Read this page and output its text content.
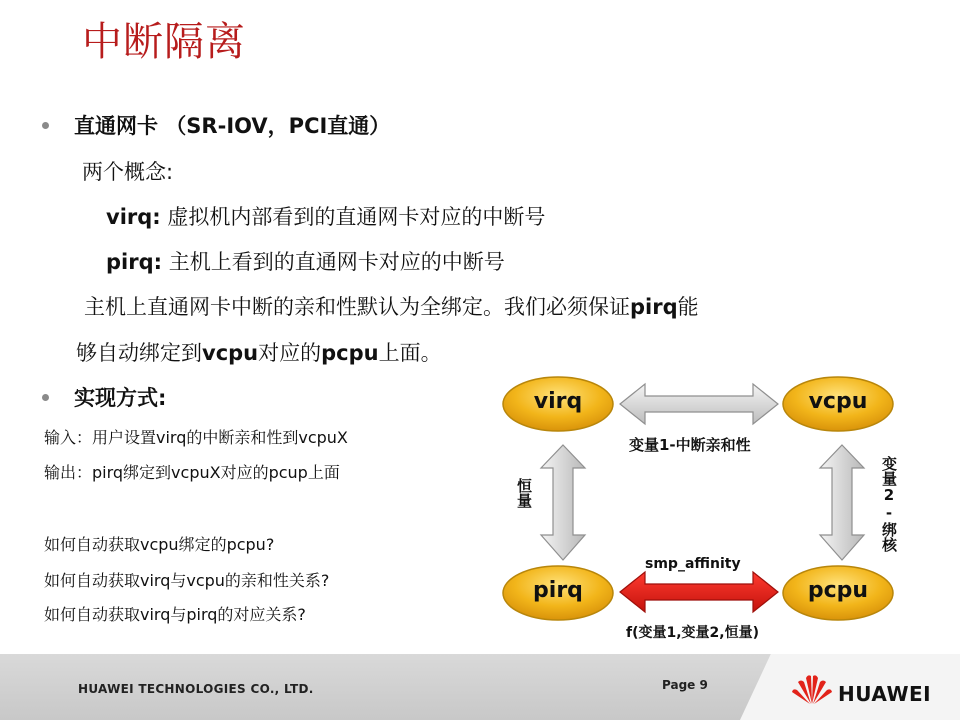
中断隔离
直通网卡 （SR-IOV，PCI直通）
两个概念:
virq: 虚拟机内部看到的直通网卡对应的中断号
pirq: 主机上看到的直通网卡对应的中断号
主机上直通网卡中断的亲和性默认为全绑定。我们必须保证pirq能
够自动绑定到vcpu对应的pcpu上面。
实现方式:
输入：用户设置virq的中断亲和性到vcpuX
输出：pirq绑定到vcpuX对应的pcup上面
如何自动获取vcpu绑定的pcpu?
如何自动获取virq与vcpu的亲和性关系?
如何自动获取virq与pirq的对应关系?
virq	vcpu
pirq	pcpu
变量1-中断亲和性
恒量	变量2-绑核
smp_affinity
f(变量1,变量2,恒量)
HUAWEI TECHNOLOGIES CO., LTD.	Page 9	HUAWEI
